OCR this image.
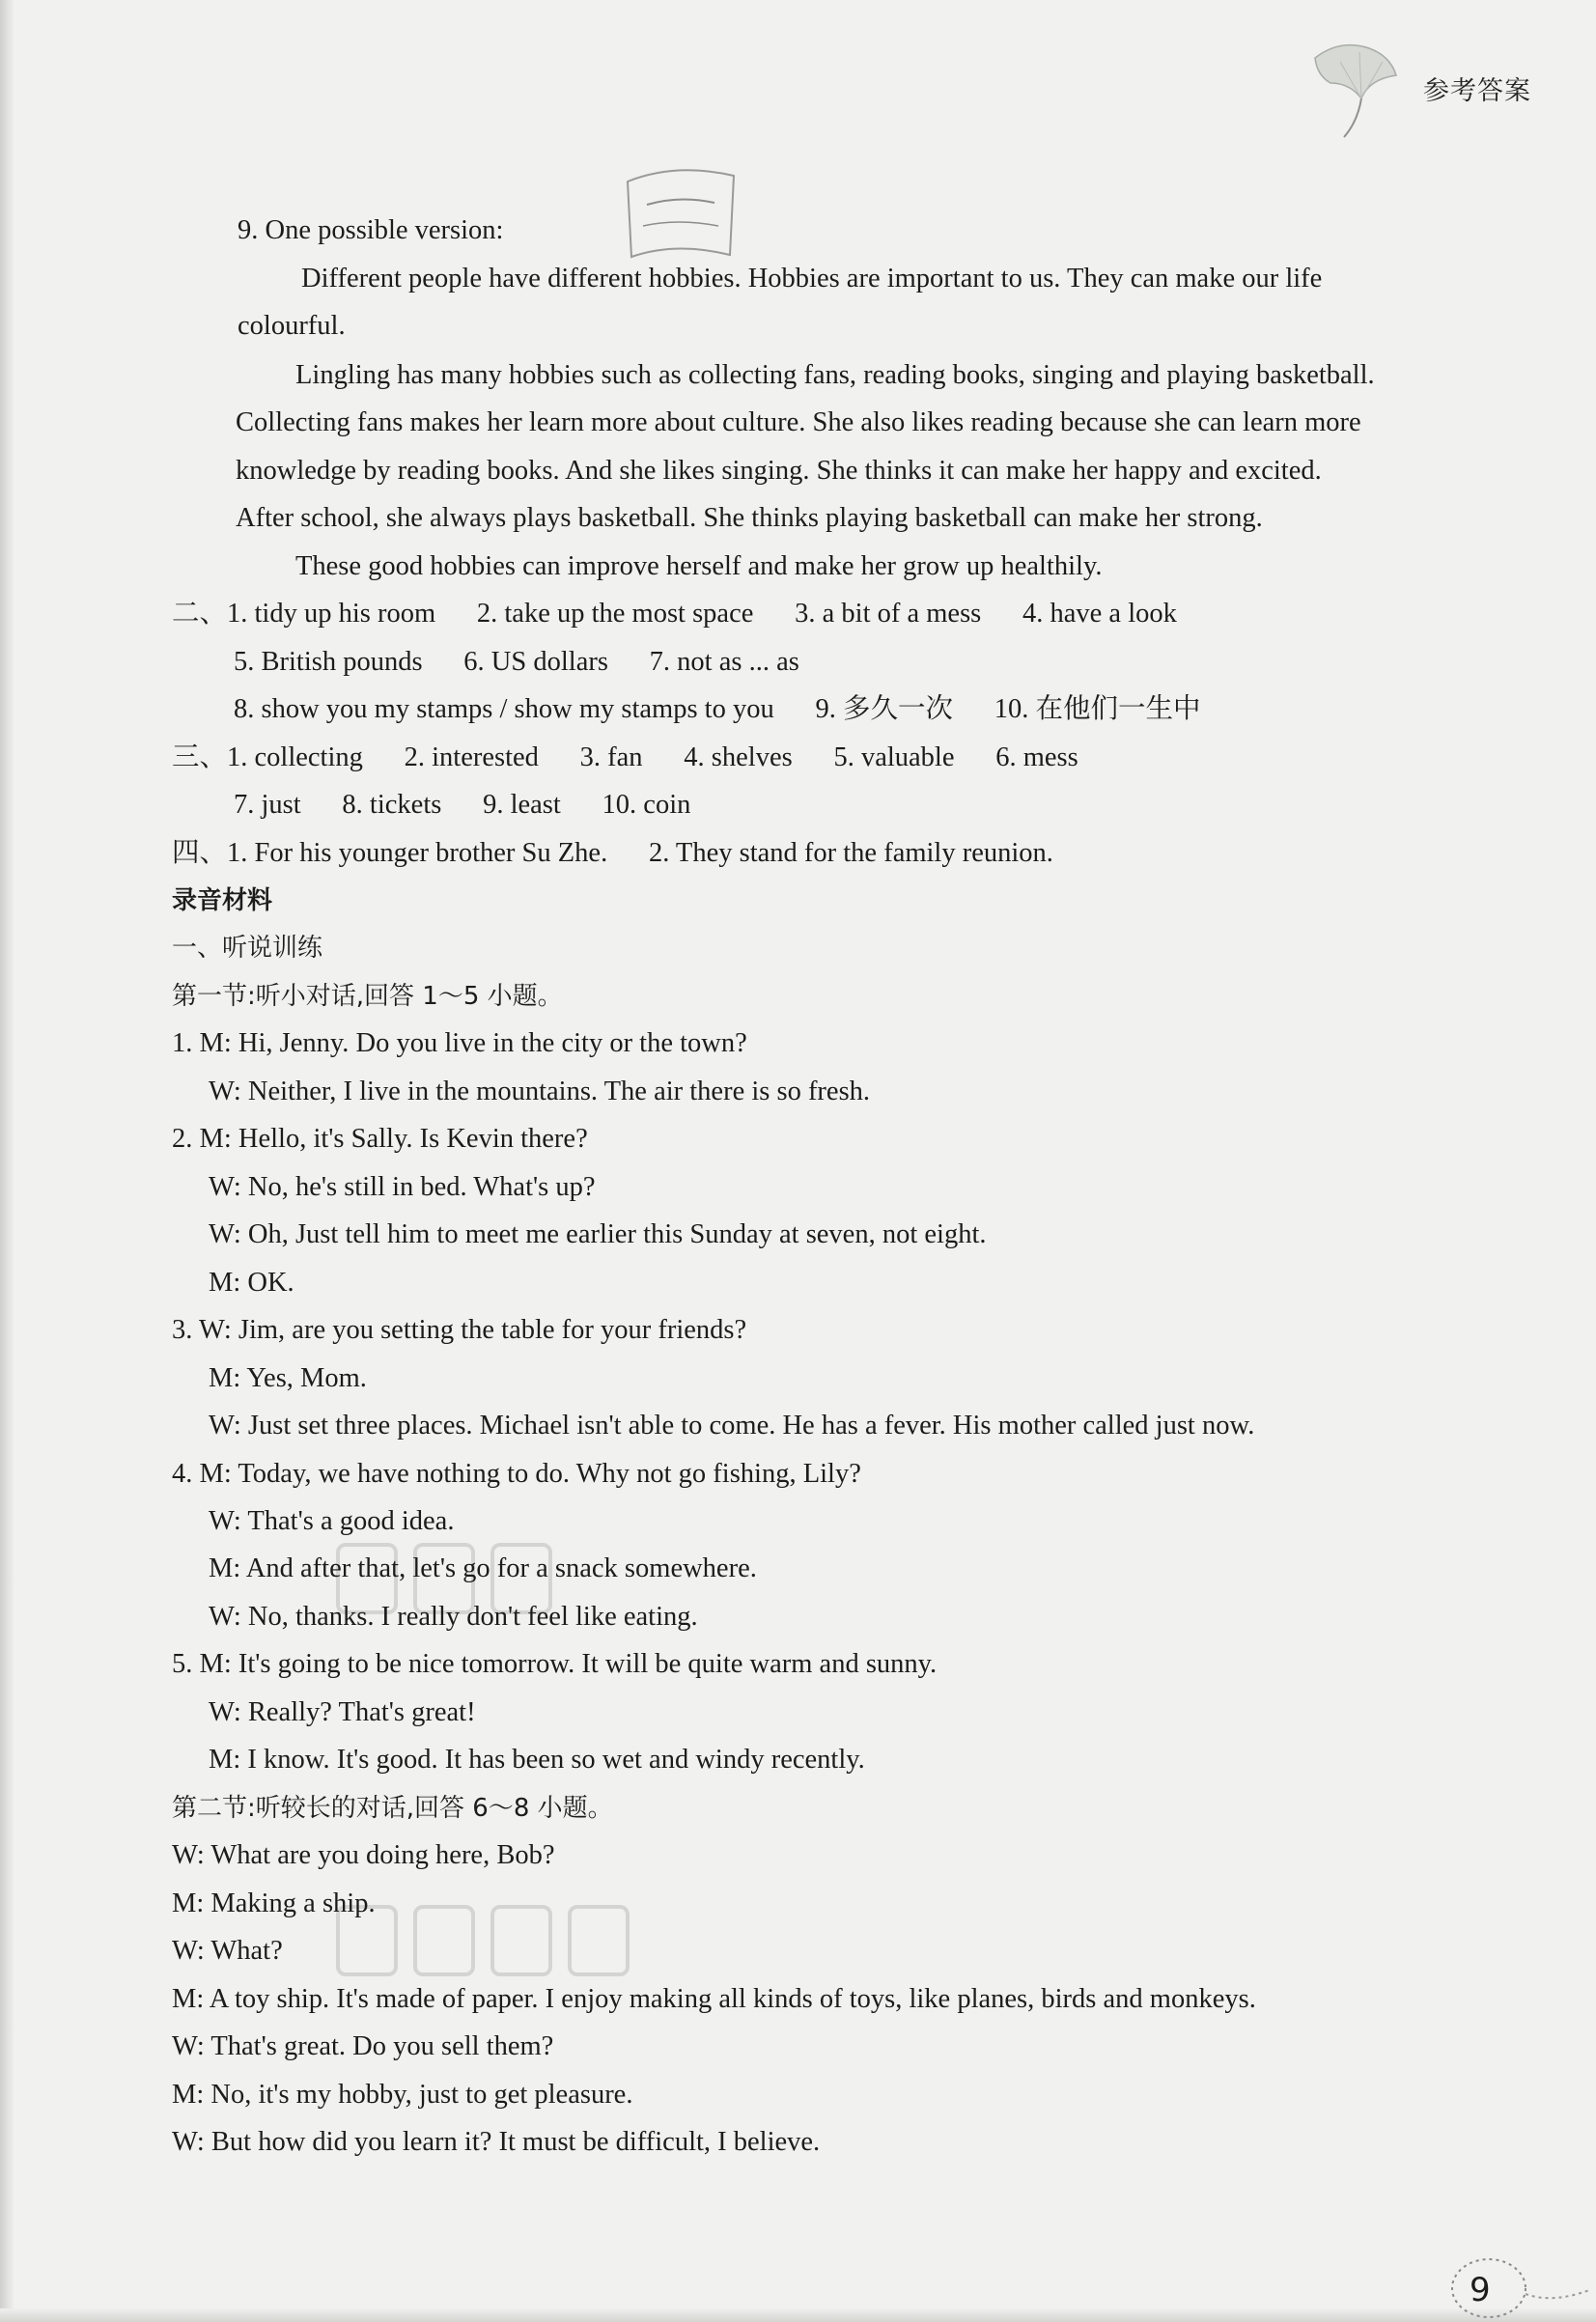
参考答案
9. One possible version:
Different people have different hobbies. Hobbies are important to us. They can make our life
colourful.
Lingling has many hobbies such as collecting fans, reading books, singing and playing basketball.
Collecting fans makes her learn more about culture. She also likes reading because she can learn more
knowledge by reading books. And she likes singing. She thinks it can make her happy and excited.
After school, she always plays basketball. She thinks playing basketball can make her strong.
These good hobbies can improve herself and make her grow up healthily.
二、1. tidy up his room      2. take up the most space      3. a bit of a mess      4. have a look
5. British pounds      6. US dollars      7. not as ... as
8. show you my stamps / show my stamps to you      9. 多久一次      10. 在他们一生中
三、1. collecting      2. interested      3. fan      4. shelves      5. valuable      6. mess
7. just      8. tickets      9. least      10. coin
四、1. For his younger brother Su Zhe.      2. They stand for the family reunion.
录音材料
一、听说训练
第一节:听小对话,回答 1～5 小题。
1. M: Hi, Jenny. Do you live in the city or the town?
W: Neither, I live in the mountains. The air there is so fresh.
2. M: Hello, it's Sally. Is Kevin there?
W: No, he's still in bed. What's up?
W: Oh, Just tell him to meet me earlier this Sunday at seven, not eight.
M: OK.
3. W: Jim, are you setting the table for your friends?
M: Yes, Mom.
W: Just set three places. Michael isn't able to come. He has a fever. His mother called just now.
4. M: Today, we have nothing to do. Why not go fishing, Lily?
W: That's a good idea.
M: And after that, let's go for a snack somewhere.
W: No, thanks. I really don't feel like eating.
5. M: It's going to be nice tomorrow. It will be quite warm and sunny.
W: Really? That's great!
M: I know. It's good. It has been so wet and windy recently.
第二节:听较长的对话,回答 6～8 小题。
W: What are you doing here, Bob?
M: Making a ship.
W: What?
M: A toy ship. It's made of paper. I enjoy making all kinds of toys, like planes, birds and monkeys.
W: That's great. Do you sell them?
M: No, it's my hobby, just to get pleasure.
W: But how did you learn it? It must be difficult, I believe.
9
